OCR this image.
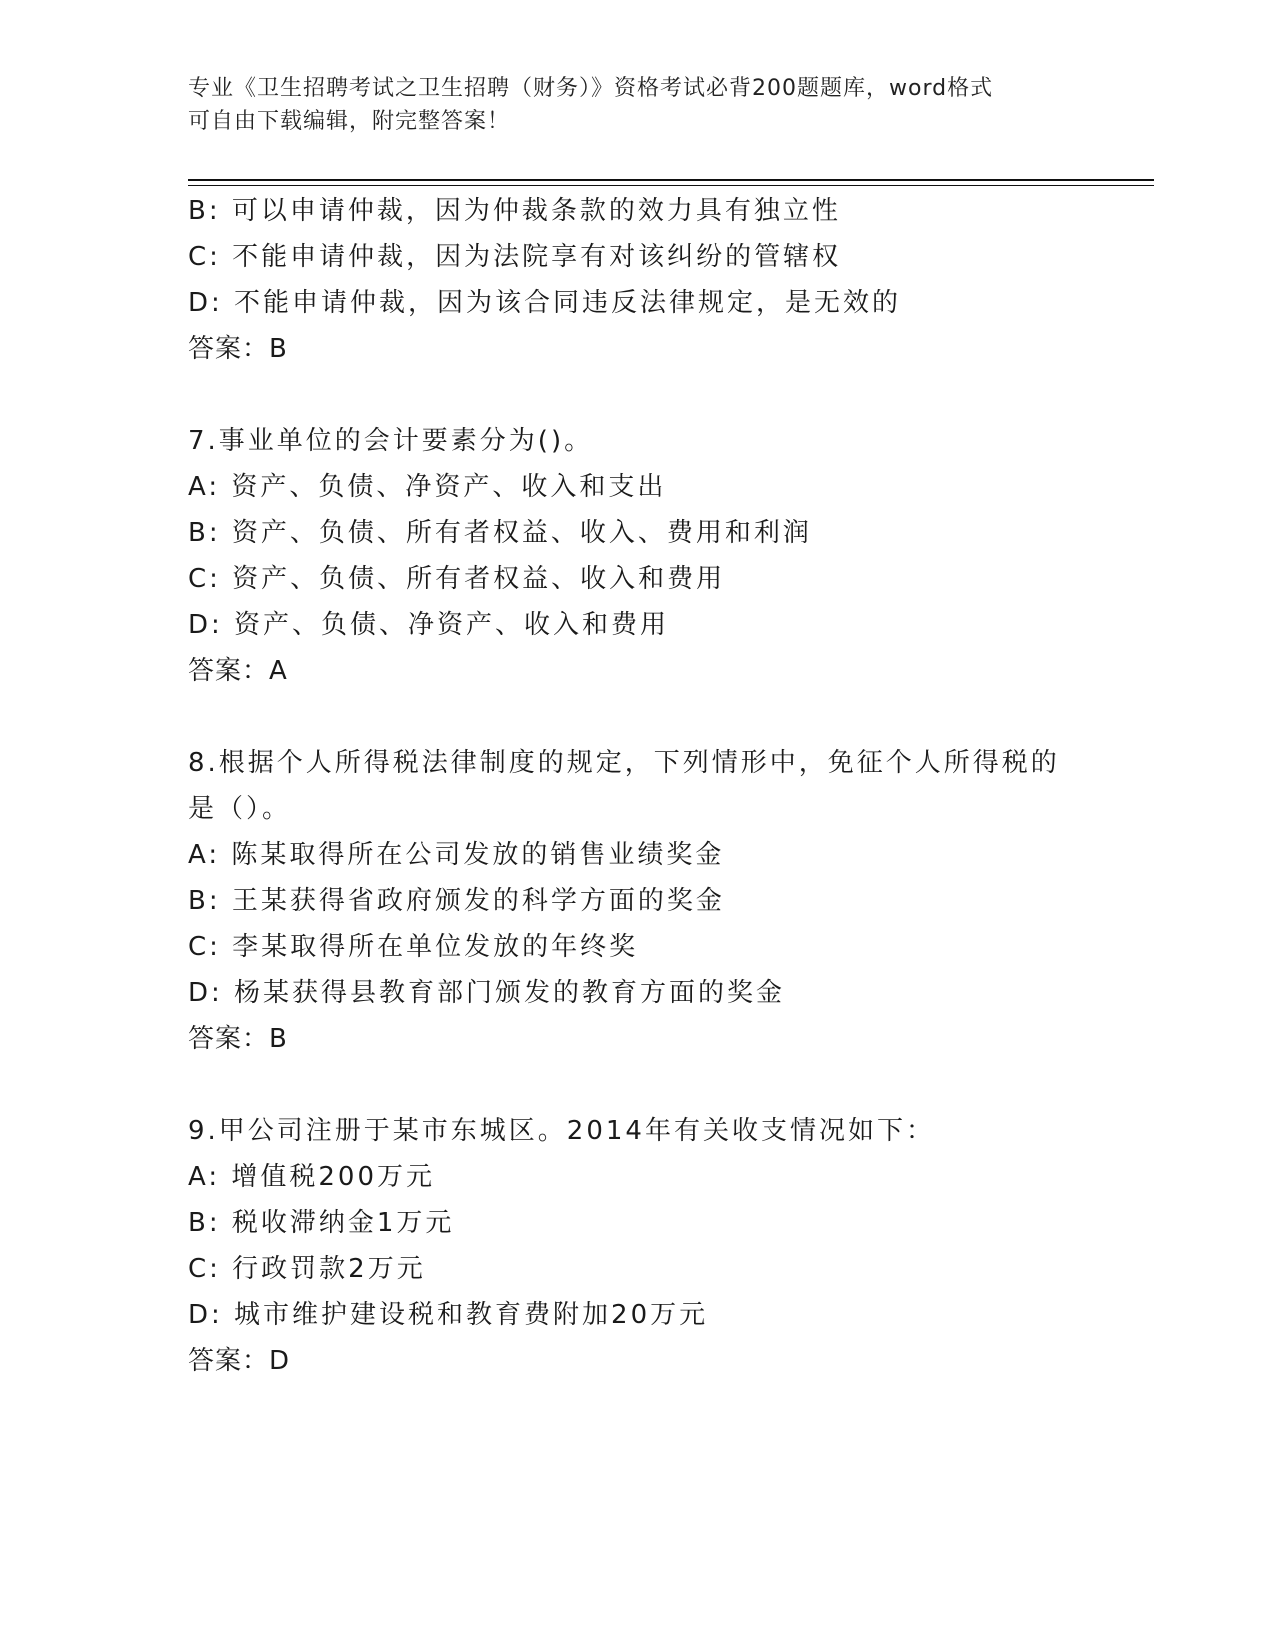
专业《卫生招聘考试之卫生招聘（财务）》资格考试必背200题题库，word格式
可自由下载编辑，附完整答案！
B: 可以申请仲裁，因为仲裁条款的效力具有独立性
C: 不能申请仲裁，因为法院享有对该纠纷的管辖权
D: 不能申请仲裁，因为该合同违反法律规定，是无效的
答案：B
7.事业单位的会计要素分为()。
A: 资产、负债、净资产、收入和支出
B: 资产、负债、所有者权益、收入、费用和利润
C: 资产、负债、所有者权益、收入和费用
D: 资产、负债、净资产、收入和费用
答案：A
8.根据个人所得税法律制度的规定，下列情形中，免征个人所得税的
是（）。
A: 陈某取得所在公司发放的销售业绩奖金
B: 王某获得省政府颁发的科学方面的奖金
C: 李某取得所在单位发放的年终奖
D: 杨某获得县教育部门颁发的教育方面的奖金
答案：B
9.甲公司注册于某市东城区。2014年有关收支情况如下：
A: 增值税200万元
B: 税收滞纳金1万元
C: 行政罚款2万元
D: 城市维护建设税和教育费附加20万元
答案：D
